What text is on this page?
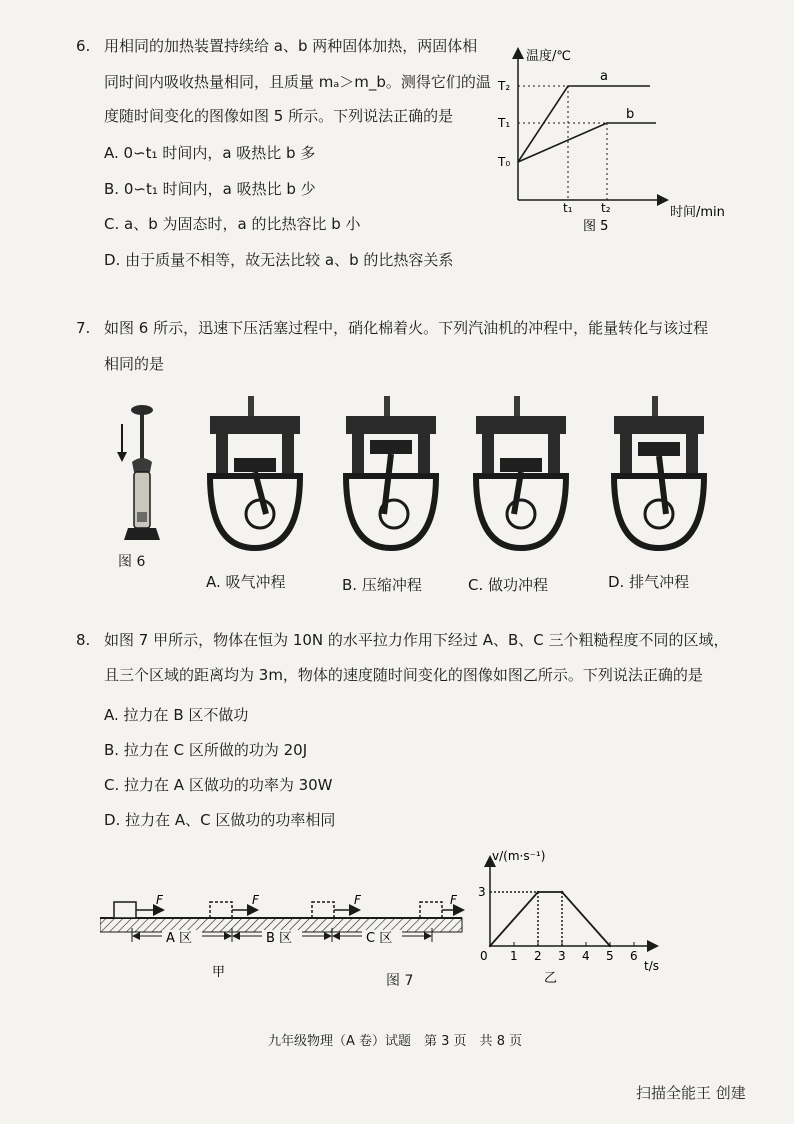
6. 用相同的加热装置持续给 a、b 两种固体加热，两固体相
同时间内吸收热量相同，且质量 mₐ＞m_b。测得它们的温
度随时间变化的图像如图 5 所示。下列说法正确的是
A. 0∽t₁ 时间内，a 吸热比 b 多
B. 0∽t₁ 时间内，a 吸热比 b 少
C. a、b 为固态时，a 的比热容比 b 小
D. 由于质量不相等，故无法比较 a、b 的比热容关系
温度/℃
时间/min
T₂
T₁
T₀
t₁ t₂
a
b
图 5
7. 如图 6 所示，迅速下压活塞过程中，硝化棉着火。下列汽油机的冲程中，能量转化与该过程
相同的是
图 6
A. 吸气冲程	B. 压缩冲程	C. 做功冲程	D. 排气冲程
8. 如图 7 甲所示，物体在恒为 10N 的水平拉力作用下经过 A、B、C 三个粗糙程度不同的区域，
且三个区域的距离均为 3m，物体的速度随时间变化的图像如图乙所示。下列说法正确的是
A. 拉力在 B 区不做功
B. 拉力在 C 区所做的功为 20J
C. 拉力在 A 区做功的功率为 30W
D. 拉力在 A、C 区做功的功率相同
F	F	F	F
A 区	B 区	C 区
甲
图 7
v/(m·s⁻¹)
t/s
0 1 2 3 4 5 6
3
乙
九年级物理（A 卷）试题　第 3 页　共 8 页
扫描全能王 创建
